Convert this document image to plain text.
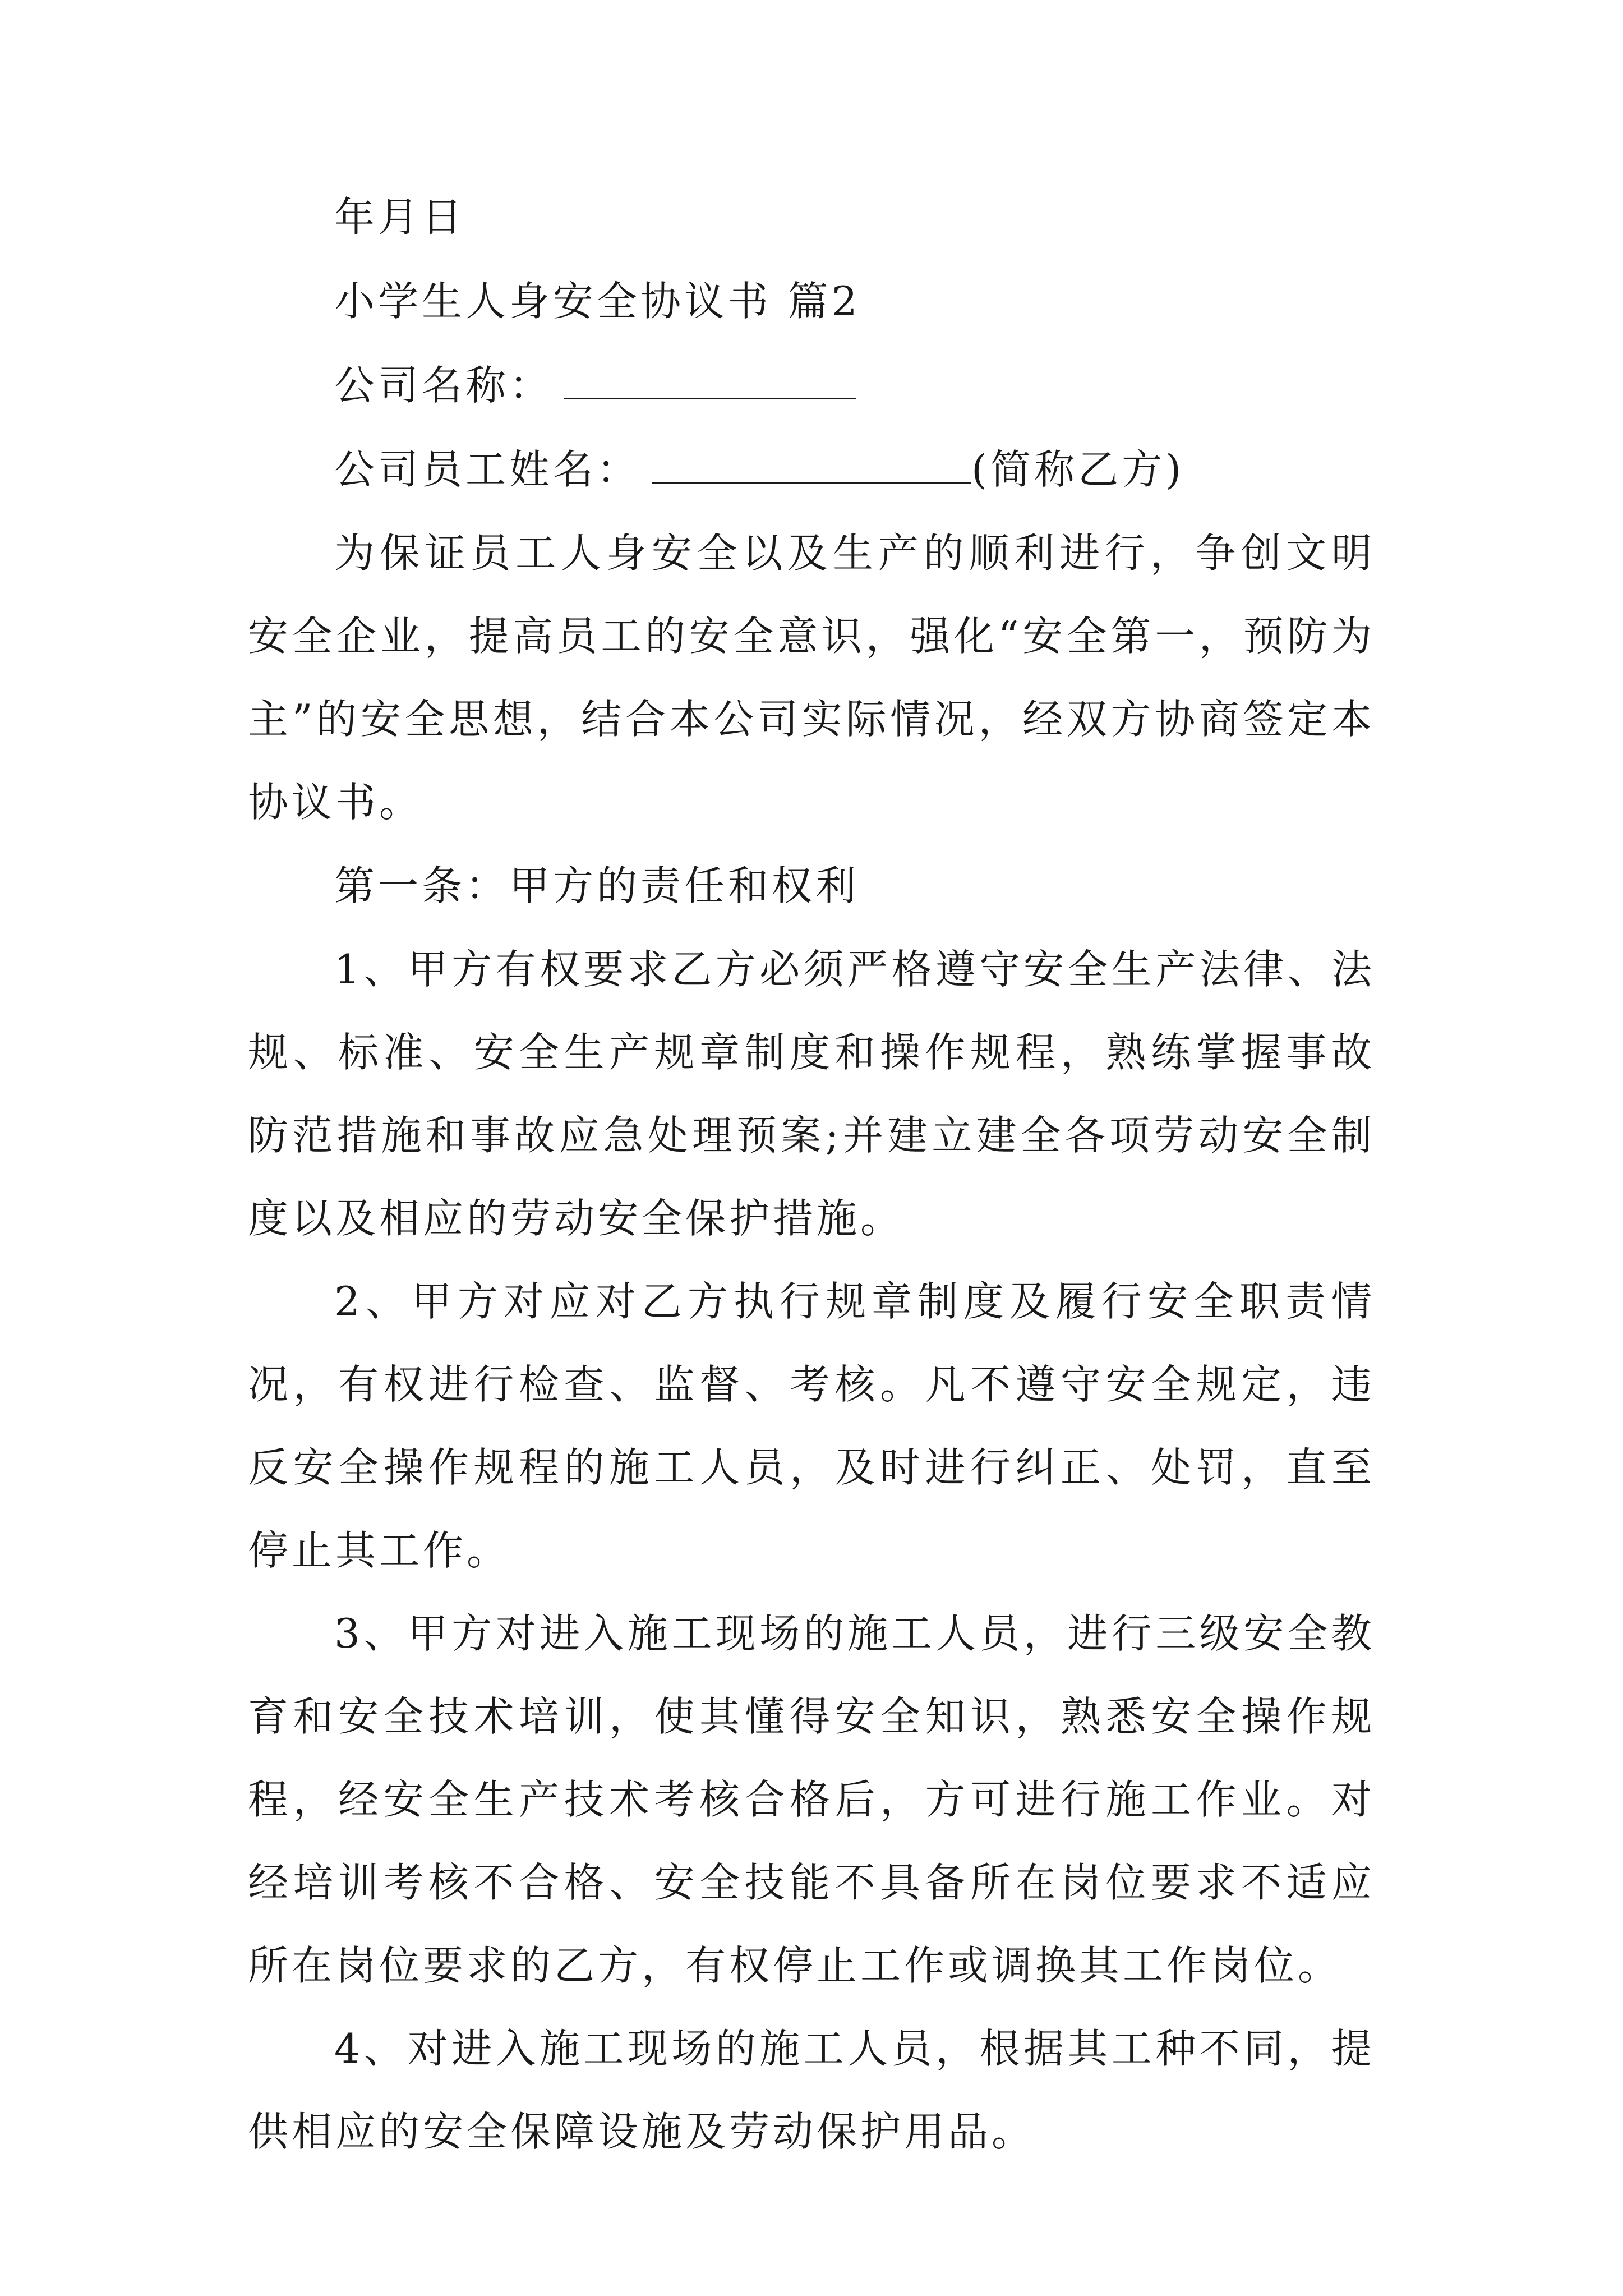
年月日
小学生人身安全协议书 篇2
公司名称：
公司员工姓名：	(简称乙方)

为保证员工人身安全以及生产的顺利进行，争创文明安全企业，提高员工的安全意识，强化“安全第一，预防为主”的安全思想，结合本公司实际情况，经双方协商签定本协议书。

第一条：甲方的责任和权利

1、甲方有权要求乙方必须严格遵守安全生产法律、法规、标准、安全生产规章制度和操作规程，熟练掌握事故防范措施和事故应急处理预案;并建立建全各项劳动安全制度以及相应的劳动安全保护措施。

2、甲方对应对乙方执行规章制度及履行安全职责情况，有权进行检查、监督、考核。凡不遵守安全规定，违反安全操作规程的施工人员，及时进行纠正、处罚，直至停止其工作。

3、甲方对进入施工现场的施工人员，进行三级安全教育和安全技术培训，使其懂得安全知识，熟悉安全操作规程，经安全生产技术考核合格后，方可进行施工作业。对经培训考核不合格、安全技能不具备所在岗位要求不适应所在岗位要求的乙方，有权停止工作或调换其工作岗位。

4、对进入施工现场的施工人员，根据其工种不同，提供相应的安全保障设施及劳动保护用品。
